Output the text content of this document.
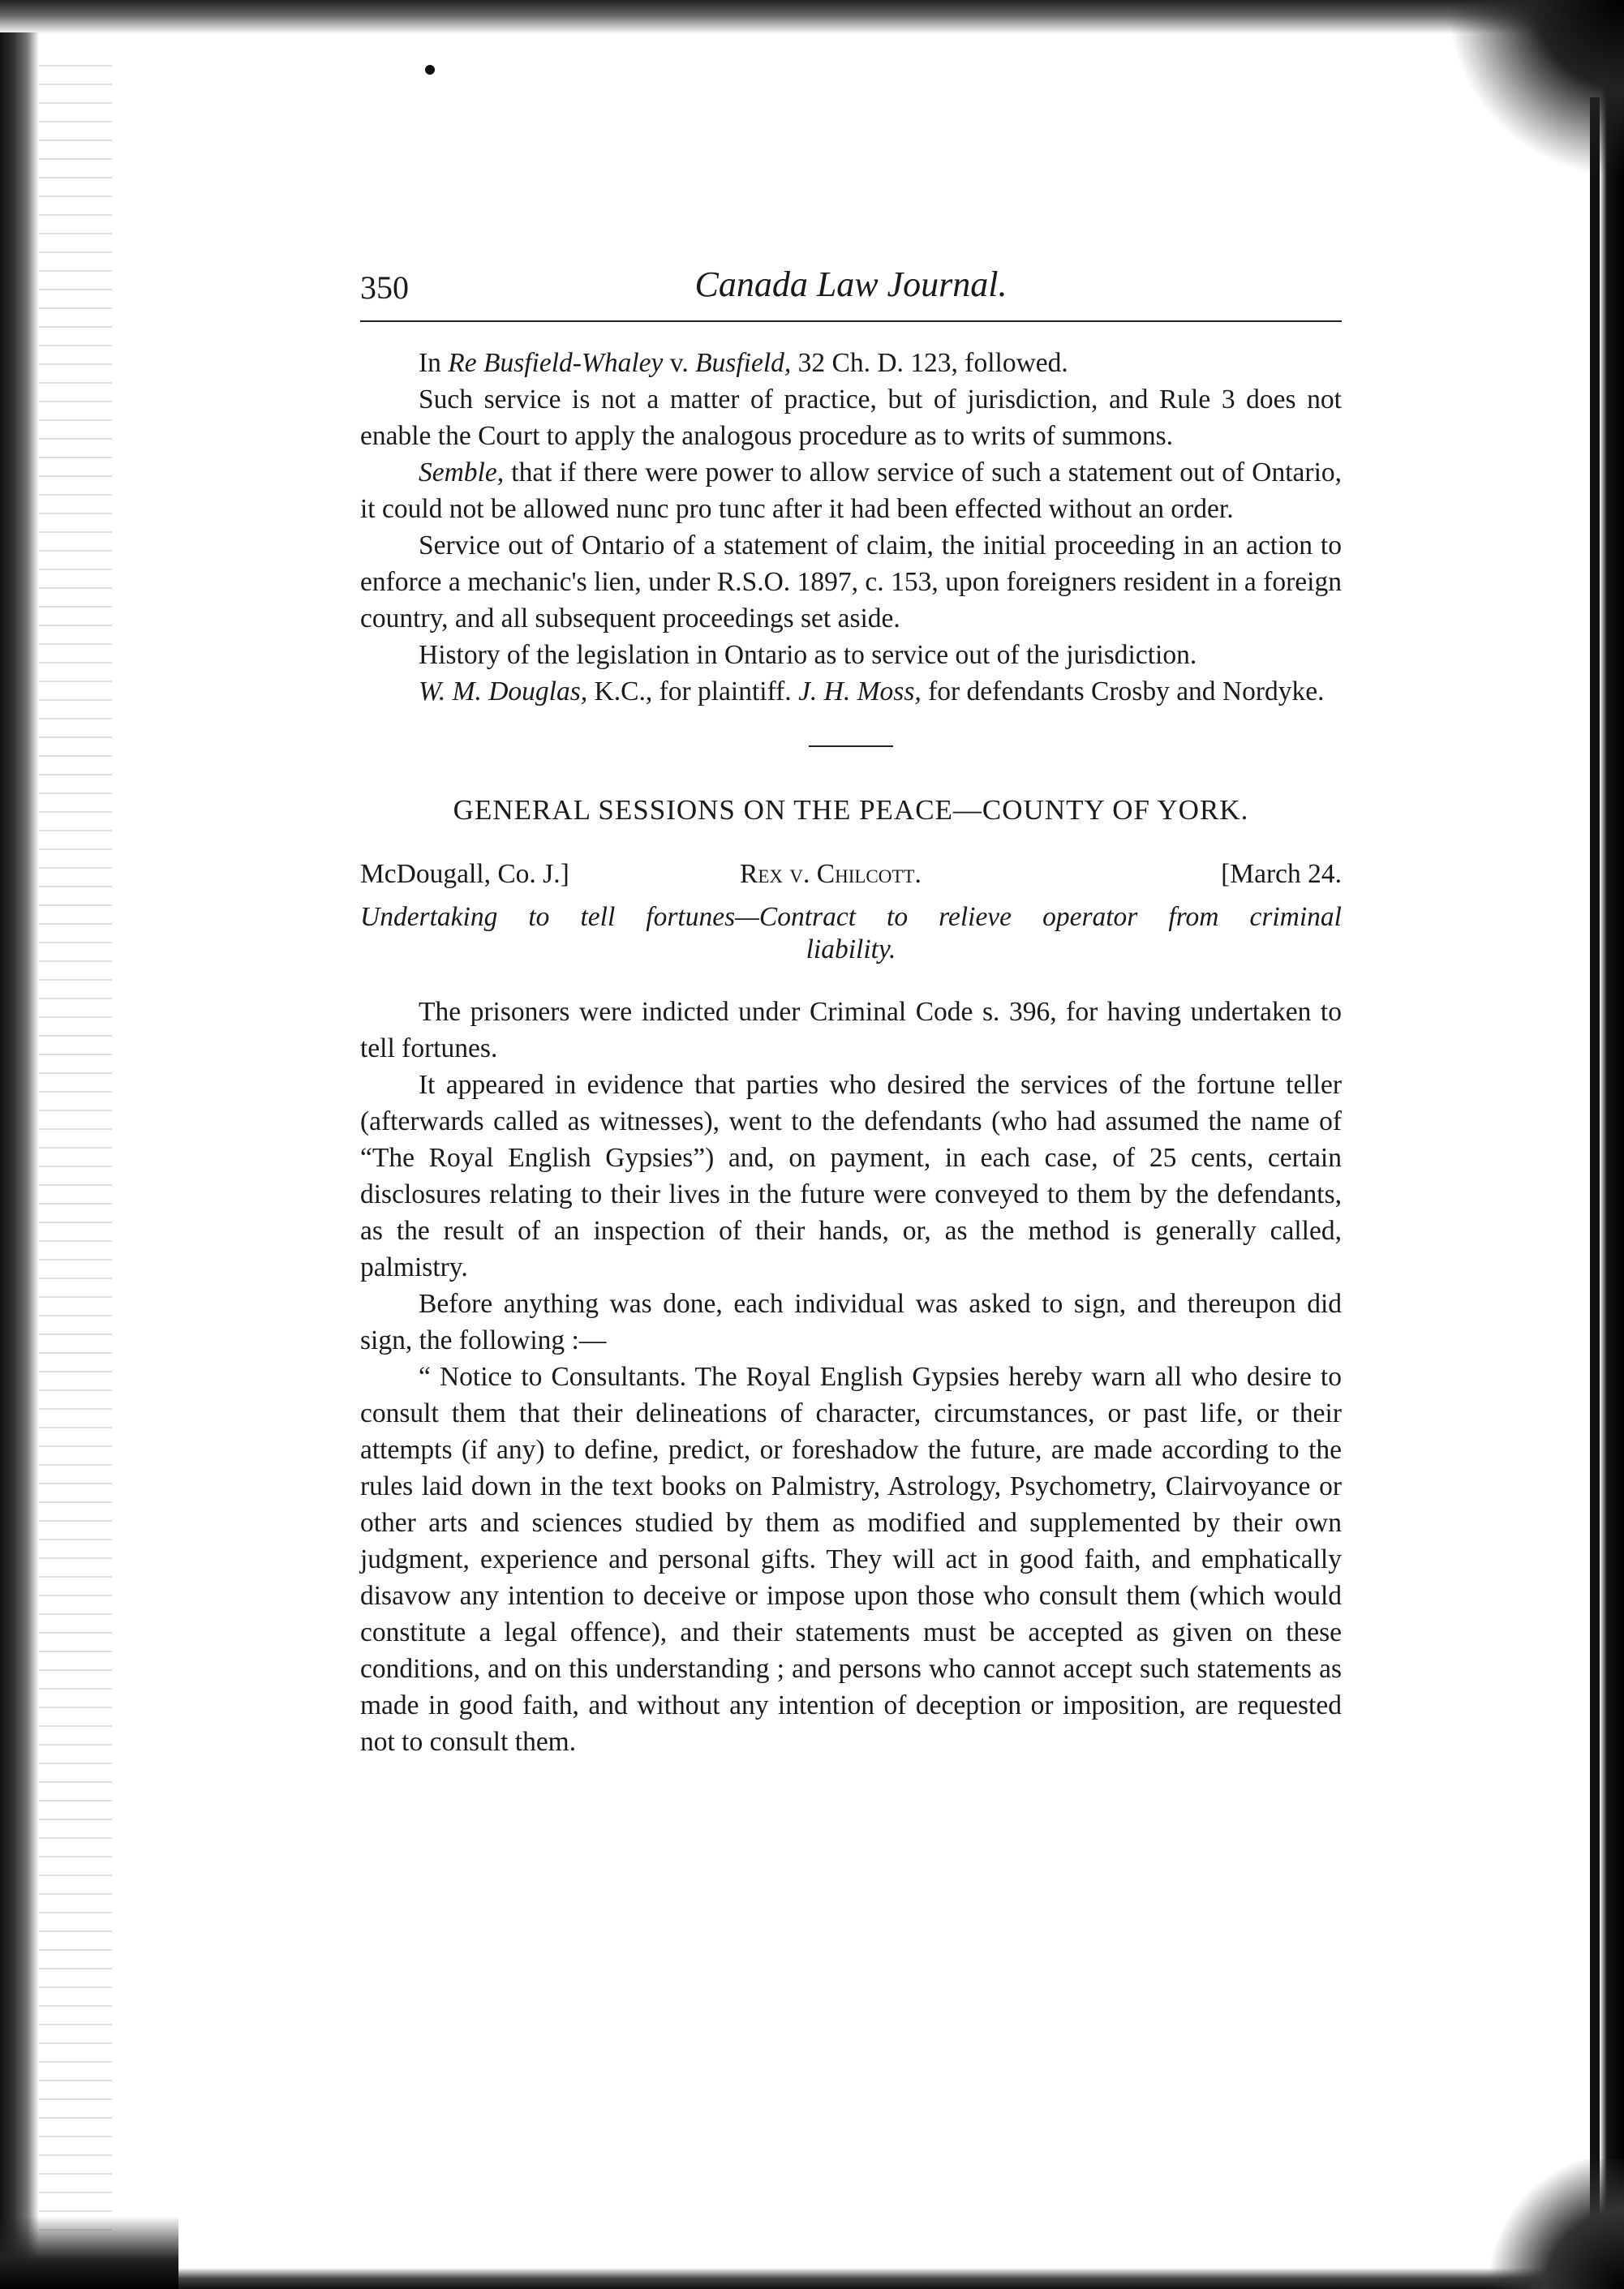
350	Canada Law Journal.

In Re Busfield-Whaley v. Busfield, 32 Ch. D. 123, followed.

Such service is not a matter of practice, but of jurisdiction, and Rule 3 does not enable the Court to apply the analogous procedure as to writs of summons.

Semble, that if there were power to allow service of such a statement out of Ontario, it could not be allowed nunc pro tunc after it had been effected without an order.

Service out of Ontario of a statement of claim, the initial proceeding in an action to enforce a mechanic's lien, under R.S.O. 1897, c. 153, upon foreigners resident in a foreign country, and all subsequent proceedings set aside.

History of the legislation in Ontario as to service out of the jurisdiction.

W. M. Douglas, K.C., for plaintiff. J. H. Moss, for defendants Crosby and Nordyke.

GENERAL SESSIONS ON THE PEACE—COUNTY OF YORK.
McDougall, Co. J.]	Rex v. Chilcott.	[March 24.
Undertaking to tell fortunes—Contract to relieve operator from criminal
liability.

The prisoners were indicted under Criminal Code s. 396, for having undertaken to tell fortunes.

It appeared in evidence that parties who desired the services of the fortune teller (afterwards called as witnesses), went to the defendants (who had assumed the name of “The Royal English Gypsies”) and, on payment, in each case, of 25 cents, certain disclosures relating to their lives in the future were conveyed to them by the defendants, as the result of an inspection of their hands, or, as the method is generally called, palmistry.

Before anything was done, each individual was asked to sign, and thereupon did sign, the following :—

“ Notice to Consultants. The Royal English Gypsies hereby warn all who desire to consult them that their delineations of character, circumstances, or past life, or their attempts (if any) to define, predict, or foreshadow the future, are made according to the rules laid down in the text books on Palmistry, Astrology, Psychometry, Clairvoyance or other arts and sciences studied by them as modified and supplemented by their own judgment, experience and personal gifts. They will act in good faith, and emphatically disavow any intention to deceive or impose upon those who consult them (which would constitute a legal offence), and their statements must be accepted as given on these conditions, and on this understanding ; and persons who cannot accept such statements as made in good faith, and without any intention of deception or imposition, are requested not to consult them.
